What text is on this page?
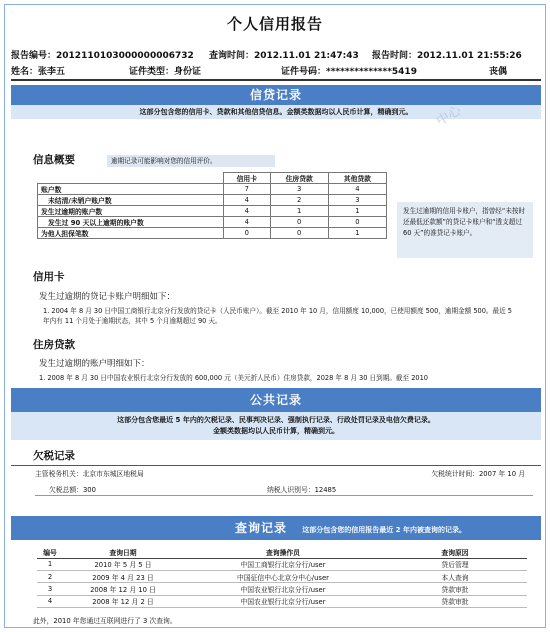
个人信用报告
报告编号：2012110103000000006732 查询时间：2012.11.01 21:47:43 报告时间：2012.11.01 21:55:26
姓名：张李五	证件类型：身份证	证件号码：**************5419	丧偶
信贷记录
这部分包含您的信用卡、贷款和其他信贷信息。金额类数据均以人民币计算，精确到元。	中心
信息概要	逾期记录可能影响对您的信用评价。
	信用卡	住房贷款	其他贷款
账户数	7	3	4
未结清/未销户账户数	4	2	3
发生过逾期的账户数	4	1	1
发生过 90 天以上逾期的账户数	4	0	0
为他人担保笔数	0	0	1
发生过逾期的信用卡账户，指曾经“未按时还最低还款额”的贷记卡账户和“透支超过 60 天”的准贷记卡账户。
信用卡
发生过逾期的贷记卡账户明细如下：
1. 2004 年 8 月 30 日中国工商银行北京分行发放的贷记卡（人民币账户）。截至 2010 年 10 月，信用额度 10,000，已使用额度 500，逾期金额 500。最近 5 年内有 11 个月处于逾期状态，其中 5 个月逾期超过 90 天。
住房贷款
发生过逾期的账户明细如下：
1. 2008 年 8 月 30 日中国农业银行北京分行发放的 600,000 元（美元折人民币）住房贷款，2028 年 8 月 30 日到期。截至 2010
公共记录
这部分包含您最近 5 年内的欠税记录、民事判决记录、强制执行记录、行政处罚记录及电信欠费记录。
金额类数据均以人民币计算，精确到元。
欠税记录
主管税务机关：北京市东城区地税局	欠税统计时间：2007 年 10 月
欠税总额：300	纳税人识别号：12485
查询记录 这部分包含您的信用报告最近 2 年内被查询的记录。
编号	查询日期	查询操作员	查询原因
1	2010 年 5 月 5 日	中国工商银行北京分行/user	贷后管理
2	2009 年 4 月 23 日	中国征信中心北京分中心/user	本人查询
3	2008 年 12 月 10 日	中国农业银行北京分行/user	贷款审批
4	2008 年 12 月 2 日	中国农业银行北京分行/user	贷款审批
此外，2010 年您通过互联网进行了 3 次查询。
